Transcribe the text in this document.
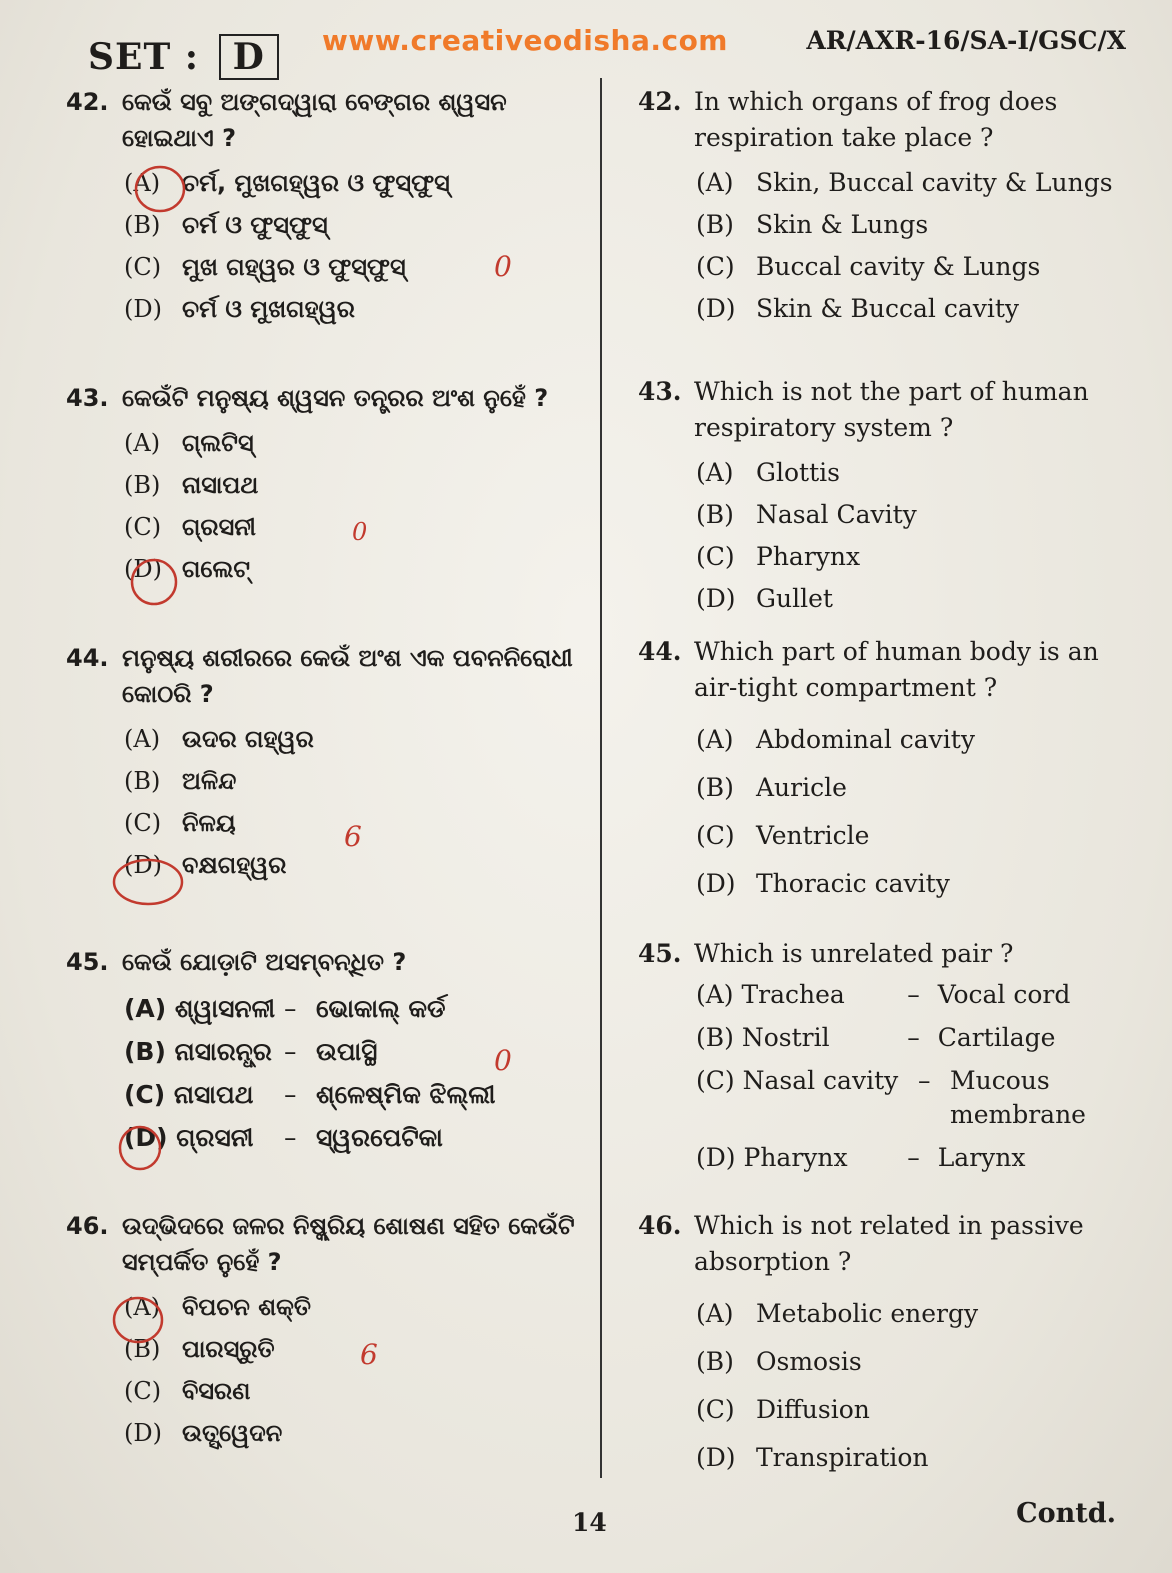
SET : D	www.creativeodisha.com	AR/AXR-16/SA-I/GSC/X
42. କେଉଁ ସବୁ ଅଙ୍ଗଦ୍ୱାରା ବେଙ୍ଗର ଶ୍ୱସନ ହୋଇଥାଏ ?
(A) ଚର୍ମ, ମୁଖଗହ୍ୱର ଓ ଫୁସ୍‌ଫୁସ୍
(B) ଚର୍ମ ଓ ଫୁସ୍‌ଫୁସ୍
(C) ମୁଖ ଗହ୍ୱର ଓ ଫୁସ୍‌ଫୁସ୍
(D) ଚର୍ମ ଓ ମୁଖଗହ୍ୱର
43. କେଉଁଟି ମନୁଷ୍ୟ ଶ୍ୱସନ ତନ୍ତ୍ରର ଅଂଶ ନୁହେଁ ?
(A) ଗ୍ଲଟିସ୍
(B) ନାସାପଥ
(C) ଗ୍ରସନୀ
(D) ଗଲେଟ୍
44. ମନୁଷ୍ୟ ଶରୀରରେ କେଉଁ ଅଂଶ ଏକ ପବନନିରୋଧୀ କୋଠରି ?
(A) ଉଦର ଗହ୍ୱର
(B) ଅଳିନ୍ଦ
(C) ନିଳୟ
(D) ବକ୍ଷଗହ୍ୱର
45. କେଉଁ ଯୋଡ଼ାଟି ଅସମ୍ବନ୍ଧିତ ?
(A) ଶ୍ୱାସନଳୀ – ଭୋକାଲ୍ କର୍ଡ
(B) ନାସାରନ୍ଧ୍ର – ଉପାସ୍ଥି
(C) ନାସାପଥ	– ଶ୍ଳେଷ୍ମିକ ଝିଲ୍ଲୀ
(D) ଗ୍ରସନୀ	– ସ୍ୱରପେଟିକା
46. ଉଦ୍ଭିଦରେ ଜଳର ନିଷ୍କ୍ରିୟ ଶୋଷଣ ସହିତ କେଉଁଟି ସମ୍ପର୍କିତ ନୁହେଁ ?
(A) ବିପଚନ ଶକ୍ତି
(B) ପାରସ୍ରୁତି
(C) ବିସରଣ
(D) ଉତ୍ସ୍ୱେଦନ
42. In which organs of frog does respiration take place ?
(A) Skin, Buccal cavity & Lungs
(B) Skin & Lungs
(C) Buccal cavity & Lungs
(D) Skin & Buccal cavity
43. Which is not the part of human respiratory system ?
(A) Glottis
(B) Nasal Cavity
(C) Pharynx
(D) Gullet
44. Which part of human body is an air-tight compartment ?
(A) Abdominal cavity
(B) Auricle
(C) Ventricle
(D) Thoracic cavity
45. Which is unrelated pair ?
(A) Trachea	– Vocal cord
(B) Nostril	– Cartilage
(C) Nasal cavity – Mucous membrane
(D) Pharynx	– Larynx
46. Which is not related in passive absorption ?
(A) Metabolic energy
(B) Osmosis
(C) Diffusion
(D) Transpiration
0
0
6
0
6
14	Contd.
